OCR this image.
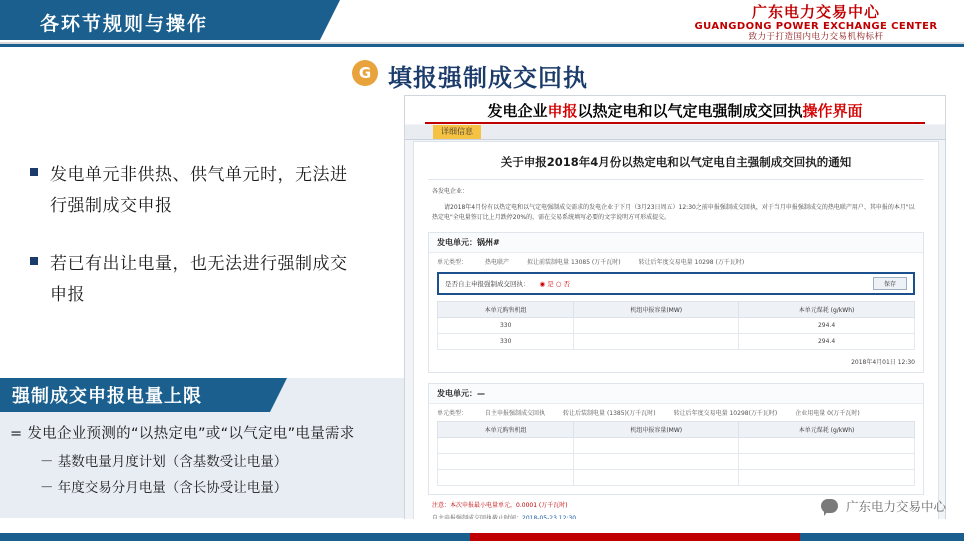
各环节规则与操作
广东电力交易中心
GUANGDONG POWER EXCHANGE CENTER
致力于打造国内电力交易机构标杆
G 填报强制成交回执
发电单元非供热、供气单元时，无法进行强制成交申报
若已有出让电量，也无法进行强制成交申报
强制成交申报电量上限
= 发电企业预测的“以热定电”或“以气定电”电量需求
－ 基数电量月度计划（含基数受让电量）
－ 年度交易分月电量（含长协受让电量）
发电企业 申报 以热定电和以气定电强制成交回执 操作界面
详细信息
关于申报2018年4月份以热定电和以气定电自主强制成交回执的通知
各发电企业：
请2018年4月份有以热定电和以气定电强制成交需求的发电企业于下月（3月23日周五）12:30之前申报强制成交回执，对于当月申报强制成交的热电联产用户、其申报的本月"以热定电"全电量签订比上月跌停20%的，需在交易系统填写必要的文字说明方可形成提交。
发电单元：锅州#
单元类型：	热电联产	拟让前装制电量 13085 (万千瓦时)	转让后年度交易电量 10298 (万千瓦时)
是否自主申报强制成交回执： ◉ 是 ○ 否	保存
本单元购售机组	机组申报容量(MW)	本单元煤耗 (g/kWh)
330		294.4
330		294.4
2018年4月01日 12:30
发电单元：—
单元类型：	自主申报强制成交回执	转让后装制电量 (1385)(万千瓦时)	转让后年度交易电量 10298(万千瓦时)	企业用电量 0(万千瓦时)
本单元购售机组	机组申报容量(MW)	本单元煤耗 (g/kWh)

注意：本次申报最小电量单元，0.0001 (万千瓦时)	广东电力交易中心
